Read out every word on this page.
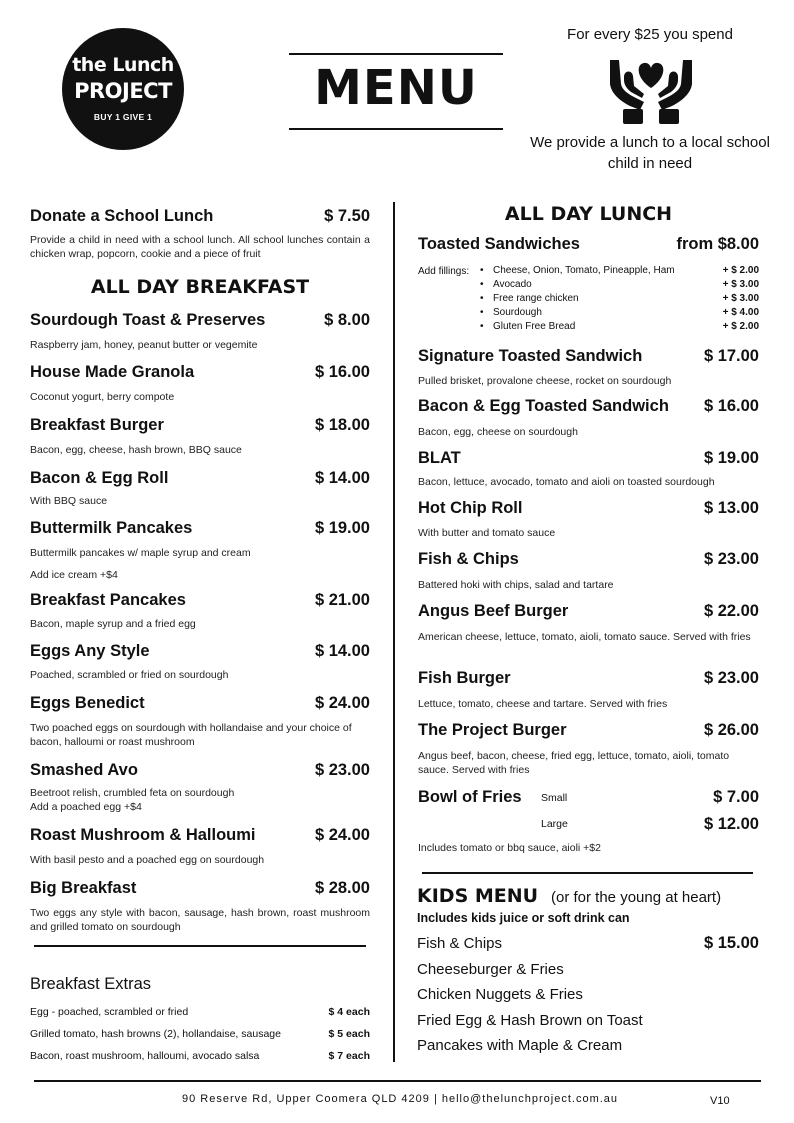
the Lunch
PROJECT
BUY 1 GIVE 1
MENU
For every $25 you spend
We provide a lunch to a local school child in need
Donate a School Lunch	$ 7.50
Provide a child in need with a school lunch. All school lunches contain a chicken wrap, popcorn, cookie and a piece of fruit
ALL DAY BREAKFAST
Sourdough Toast & Preserves	$ 8.00
Raspberry jam, honey, peanut butter or vegemite
House Made Granola	$ 16.00
Coconut yogurt, berry compote
Breakfast Burger	$ 18.00
Bacon, egg, cheese, hash brown, BBQ sauce
Bacon & Egg Roll	$ 14.00
With BBQ sauce
Buttermilk Pancakes	$ 19.00
Buttermilk pancakes w/ maple syrup and cream
Add ice cream +$4
Breakfast Pancakes	$ 21.00
Bacon, maple syrup and a fried egg
Eggs Any Style	$ 14.00
Poached, scrambled or fried on sourdough
Eggs Benedict	$ 24.00
Two poached eggs on sourdough with hollandaise and your choice of bacon, halloumi or roast mushroom
Smashed Avo	$ 23.00
Beetroot relish, crumbled feta on sourdough
Add a poached egg +$4
Roast Mushroom & Halloumi	$ 24.00
With basil pesto and a poached egg on sourdough
Big Breakfast	$ 28.00
Two eggs any style with bacon, sausage, hash brown, roast mushroom and grilled tomato on sourdough
Breakfast Extras
Egg - poached, scrambled or fried	$ 4 each
Grilled tomato, hash browns (2), hollandaise, sausage	$ 5 each
Bacon, roast mushroom, halloumi, avocado salsa	$ 7 each
ALL DAY LUNCH
Toasted Sandwiches	from $8.00
Add fillings: • Cheese, Onion, Tomato, Pineapple, Ham	+ $ 2.00
• Avocado	+ $ 3.00
• Free range chicken	+ $ 3.00
• Sourdough	+ $ 4.00
• Gluten Free Bread	+ $ 2.00
Signature Toasted Sandwich	$ 17.00
Pulled brisket, provalone cheese, rocket on sourdough
Bacon & Egg Toasted Sandwich $ 16.00
Bacon, egg, cheese on sourdough
BLAT	$ 19.00
Bacon, lettuce, avocado, tomato and aioli on toasted sourdough
Hot Chip Roll	$ 13.00
With butter and tomato sauce
Fish & Chips	$ 23.00
Battered hoki with chips, salad and tartare
Angus Beef Burger	$ 22.00
American cheese, lettuce, tomato, aioli, tomato sauce. Served with fries
Fish Burger	$ 23.00
Lettuce, tomato, cheese and tartare. Served with fries
The Project Burger	$ 26.00
Angus beef, bacon, cheese, fried egg, lettuce, tomato, aioli, tomato sauce. Served with fries
Bowl of Fries Small	$ 7.00
Large	$ 12.00
Includes tomato or bbq sauce, aioli +$2
KIDS MENU (or for the young at heart)
Includes kids juice or soft drink can
Fish & Chips	$ 15.00
Cheeseburger & Fries
Chicken Nuggets & Fries
Fried Egg & Hash Brown on Toast
Pancakes with Maple & Cream
90 Reserve Rd, Upper Coomera QLD 4209 | hello@thelunchproject.com.au	V10
